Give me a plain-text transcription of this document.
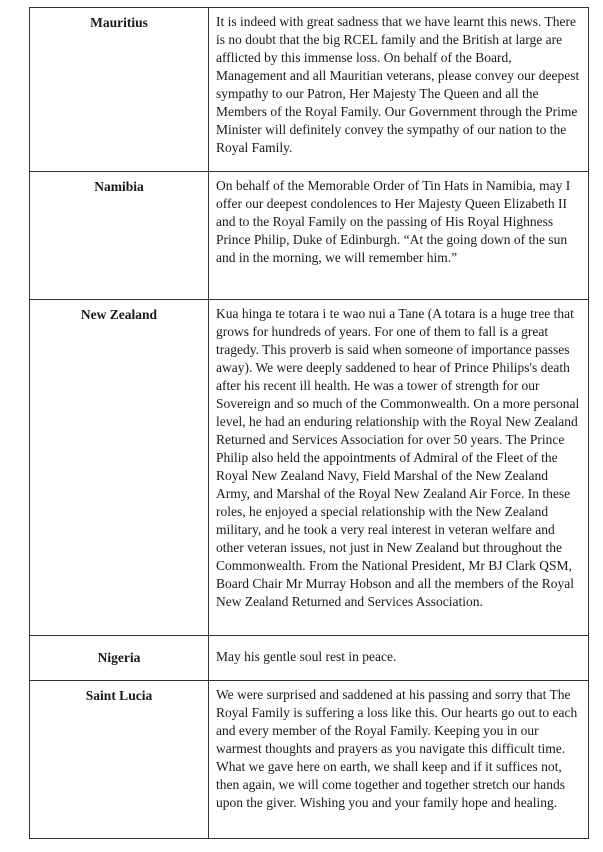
Mauritius	It is indeed with great sadness that we have learnt this news. There is no doubt that the big RCEL family and the British at large are afflicted by this immense loss. On behalf of the Board, Management and all Mauritian veterans, please convey our deepest sympathy to our Patron, Her Majesty The Queen and all the Members of the Royal Family. Our Government through the Prime Minister will definitely convey the sympathy of our nation to the Royal Family.

Namibia	On behalf of the Memorable Order of Tin Hats in Namibia, may I offer our deepest condolences to Her Majesty Queen Elizabeth II and to the Royal Family on the passing of His Royal Highness Prince Philip, Duke of Edinburgh. “At the going down of the sun and in the morning, we will remember him.”

New Zealand	Kua hinga te totara i te wao nui a Tane (A totara is a huge tree that grows for hundreds of years. For one of them to fall is a great tragedy. This proverb is said when someone of importance passes away). We were deeply saddened to hear of Prince Philips's death after his recent ill health. He was a tower of strength for our Sovereign and so much of the Commonwealth. On a more personal level, he had an enduring relationship with the Royal New Zealand Returned and Services Association for over 50 years. The Prince Philip also held the appointments of Admiral of the Fleet of the Royal New Zealand Navy, Field Marshal of the New Zealand Army, and Marshal of the Royal New Zealand Air Force. In these roles, he enjoyed a special relationship with the New Zealand military, and he took a very real interest in veteran welfare and other veteran issues, not just in New Zealand but throughout the Commonwealth. From the National President, Mr BJ Clark QSM, Board Chair Mr Murray Hobson and all the members of the Royal New Zealand Returned and Services Association.

Nigeria	May his gentle soul rest in peace.

Saint Lucia	We were surprised and saddened at his passing and sorry that The Royal Family is suffering a loss like this. Our hearts go out to each and every member of the Royal Family. Keeping you in our warmest thoughts and prayers as you navigate this difficult time. What we gave here on earth, we shall keep and if it suffices not, then again, we will come together and together stretch our hands upon the giver. Wishing you and your family hope and healing.
